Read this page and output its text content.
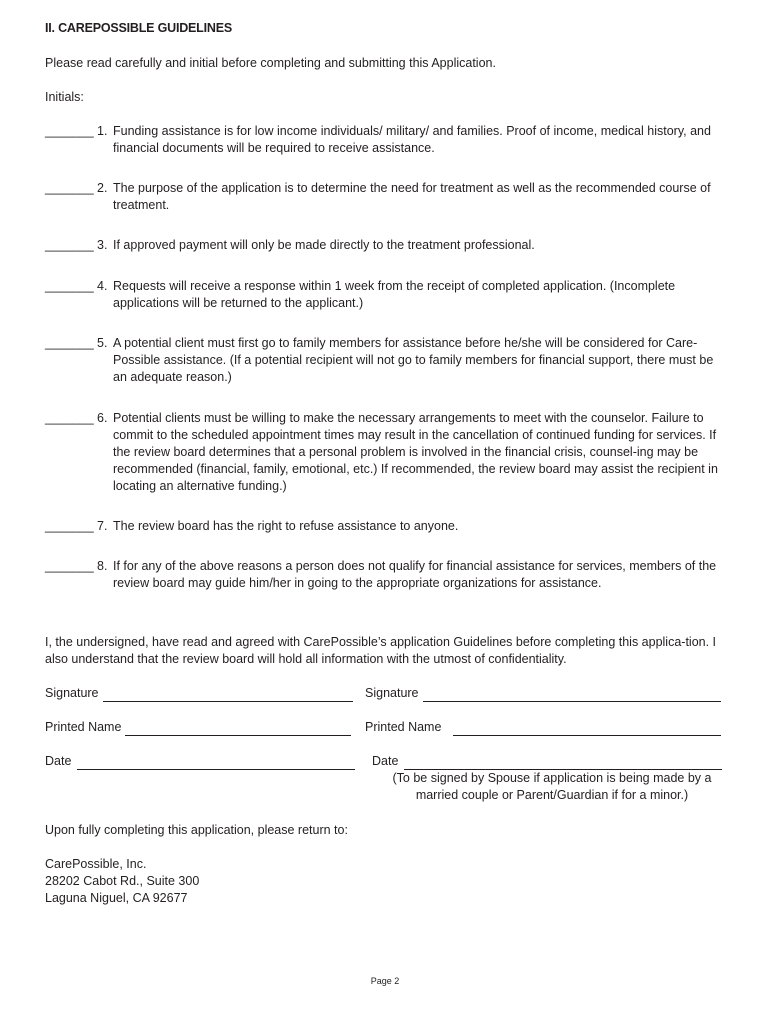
II. CAREPOSSIBLE GUIDELINES
Please read carefully and initial before completing and submitting this Application.
Initials:
_______ 1. Funding assistance is for low income individuals/ military/ and families. Proof of income, medical history, and financial documents will be required to receive assistance.
_______ 2. The purpose of the application is to determine the need for treatment as well as the recommended course of treatment.
_______ 3. If approved payment will only be made directly to the treatment professional.
_______ 4. Requests will receive a response within 1 week from the receipt of completed application. (Incomplete applications will be returned to the applicant.)
_______ 5. A potential client must first go to family members for assistance before he/she will be considered for Care-Possible assistance. (If a potential recipient will not go to family members for financial support, there must be an adequate reason.)
_______ 6. Potential clients must be willing to make the necessary arrangements to meet with the counselor. Failure to commit to the scheduled appointment times may result in the cancellation of continued funding for services. If the review board determines that a personal problem is involved in the financial crisis, counsel-ing may be recommended (financial, family, emotional, etc.) If recommended, the review board may assist the recipient in locating an alternative funding.)
_______ 7. The review board has the right to refuse assistance to anyone.
_______ 8. If for any of the above reasons a person does not qualify for financial assistance for services, members of the review board may guide him/her in going to the appropriate organizations for assistance.
I, the undersigned, have read and agreed with CarePossible’s application Guidelines before completing this applica-tion. I also understand that the review board will hold all information with the utmost of confidentiality.
Signature	Signature
Printed Name	Printed Name
Date	Date
(To be signed by Spouse if application is being made by a married couple or Parent/Guardian if for a minor.)
Upon fully completing this application, please return to:
CarePossible, Inc.
28202 Cabot Rd., Suite 300
Laguna Niguel, CA 92677
Page 2
